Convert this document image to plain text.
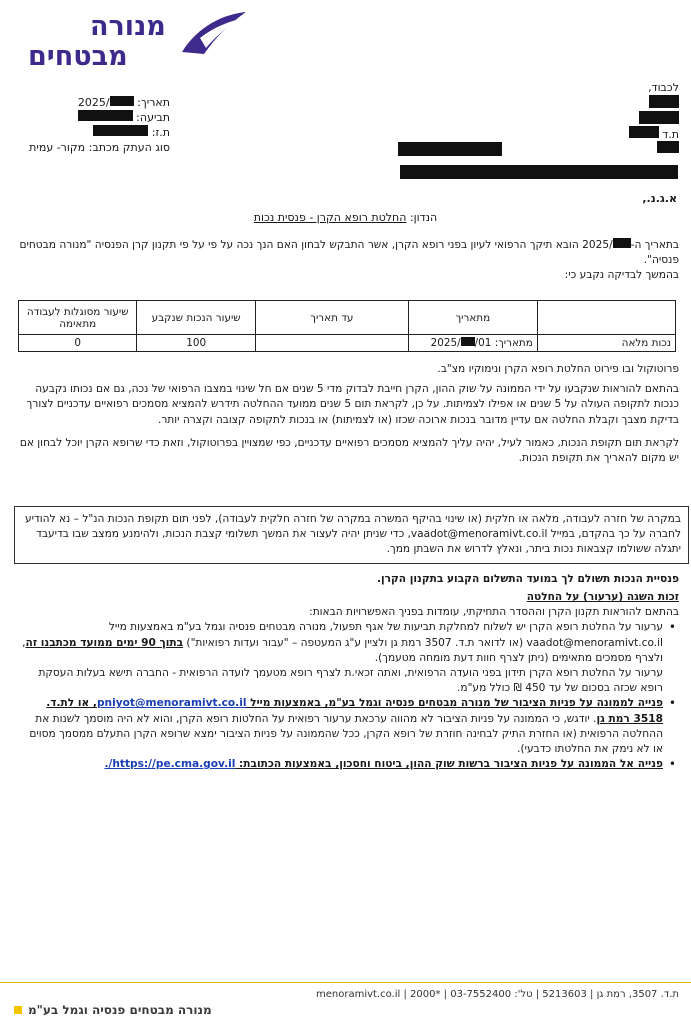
מנורה
מבטחים
תאריך: /2025
תביעה:
ת.ז:
סוג העתק מכתב: מקור- עמית
לכבוד,
ת.ד
א.ג.נ.,
הנדון: החלטת רופא הקרן - פנסית נכות
בתאריך ה-/2025 הובא תיקך הרפואי לעיון בפני רופא הקרן, אשר התבקש לבחון האם הנך נכה על פי על פי תקנון קרן הפנסיה "מנורה מבטחים פנסיה".
בהמשך לבדיקה נקבע כי:
	מתאריך	עד תאריך	שיעור הנכות שנקבע	שיעור מסוגלות לעבודה מתאימה
נכות מלאה	מתאריך: 01//2025		100	0
פרוטוקול ובו פירוט החלטת רופא הקרן ונימוקיו מצ"ב.
בהתאם להוראות שנקבעו על ידי הממונה על שוק ההון, הקרן חייבת לבדוק מדי 5 שנים אם חל שינוי במצבו הרפואי של נכה, גם אם נכותו נקבעה כנכות לתקופה העולה על 5 שנים או אפילו לצמיתות. על כן, לקראת תום 5 שנים ממועד ההחלטה תידרש להמציא מסמכים רפואיים עדכניים לצורך בדיקת מצבך וקבלת החלטה אם עדיין מדובר בנכות ארוכה שכזו (או לצמיתות) או בנכות לתקופה קצובה וקצרה יותר.
לקראת תום תקופת הנכות, כאמור לעיל, יהיה עליך להמציא מסמכים רפואיים עדכניים, כפי שמצויין בפרוטוקול, וזאת כדי שרופא הקרן יוכל לבחון אם יש מקום להאריך את תקופת הנכות.
במקרה של חזרה לעבודה, מלאה או חלקית (או שינוי בהיקף המשרה במקרה של חזרה חלקית לעבודה), לפני תום תקופת הנכות הנ"ל – נא להודיע לחברה על כך בהקדם, במייל vaadot@menoramivt.co.il, כדי שניתן יהיה לעצור את המשך תשלומי קצבת הנכות, ולהימנע ממצב שבו בדיעבד יתגלה ששולמו קצבאות נכות ביתר, ונאלץ לדרוש את השבתן ממך.
פנסיית הנכות תשולם לך במועד התשלום הקבוע בתקנון הקרן.
זכות השגה (ערעור) על החלטה
בהתאם להוראות תקנון הקרן וההסדר התחיקתי, עומדות בפניך האפשרויות הבאות:
• ערעור על החלטת רופא הקרן יש לשלוח למחלקת תביעות של אגף תפעול, מנורה מבטחים פנסיה וגמל בע"מ באמצעות מייל vaadot@menoramivt.co.il (או לדואר ת.ד. 3507 רמת גן ולציין ע"ג המעטפה – "עבור ועדות רפואיות") בתוך 90 ימים ממועד מכתבנו זה, ולצרף מסמכים מתאימים (ניתן לצרף חוות דעת מומחה מטעמך).
ערעור על החלטת רופא הקרן תידון בפני הועדה הרפואית, ואתה זכאי.ת לצרף רופא מטעמך לועדה הרפואית - החברה תישא בעלות העסקת רופא שכזה בסכום של עד 450 ₪ כולל מע"מ.
• פנייה לממונה על פניות הציבור של מנורה מבטחים פנסיה וגמל בע"מ, באמצעות מייל pniyot@menoramivt.co.il, או לת.ד. 3518 רמת גן. יודגש, כי הממונה על פניות הציבור לא מהווה ערכאת ערעור רפואית על החלטות רופא הקרן, והוא לא היה מוסמך לשנות את ההחלטה הרפואית (או החזרת התיק לבחינה חוזרת של רופא הקרן, ככל שהממונה על פניות הציבור ימצא שרופא הקרן התעלם ממסמך מסוים או לא נימק את החלטתו כדבעי).
• פנייה אל הממונה על פניות הציבור ברשות שוק ההון, ביטוח וחסכון, באמצעות הכתובת: https://pe.cma.gov.il/.
ת.ד. 3507, רמת גן | 5213603 | טל': 03-7552400 | *2000 | menoramivt.co.il
מנורה מבטחים פנסיה וגמל בע"מ
